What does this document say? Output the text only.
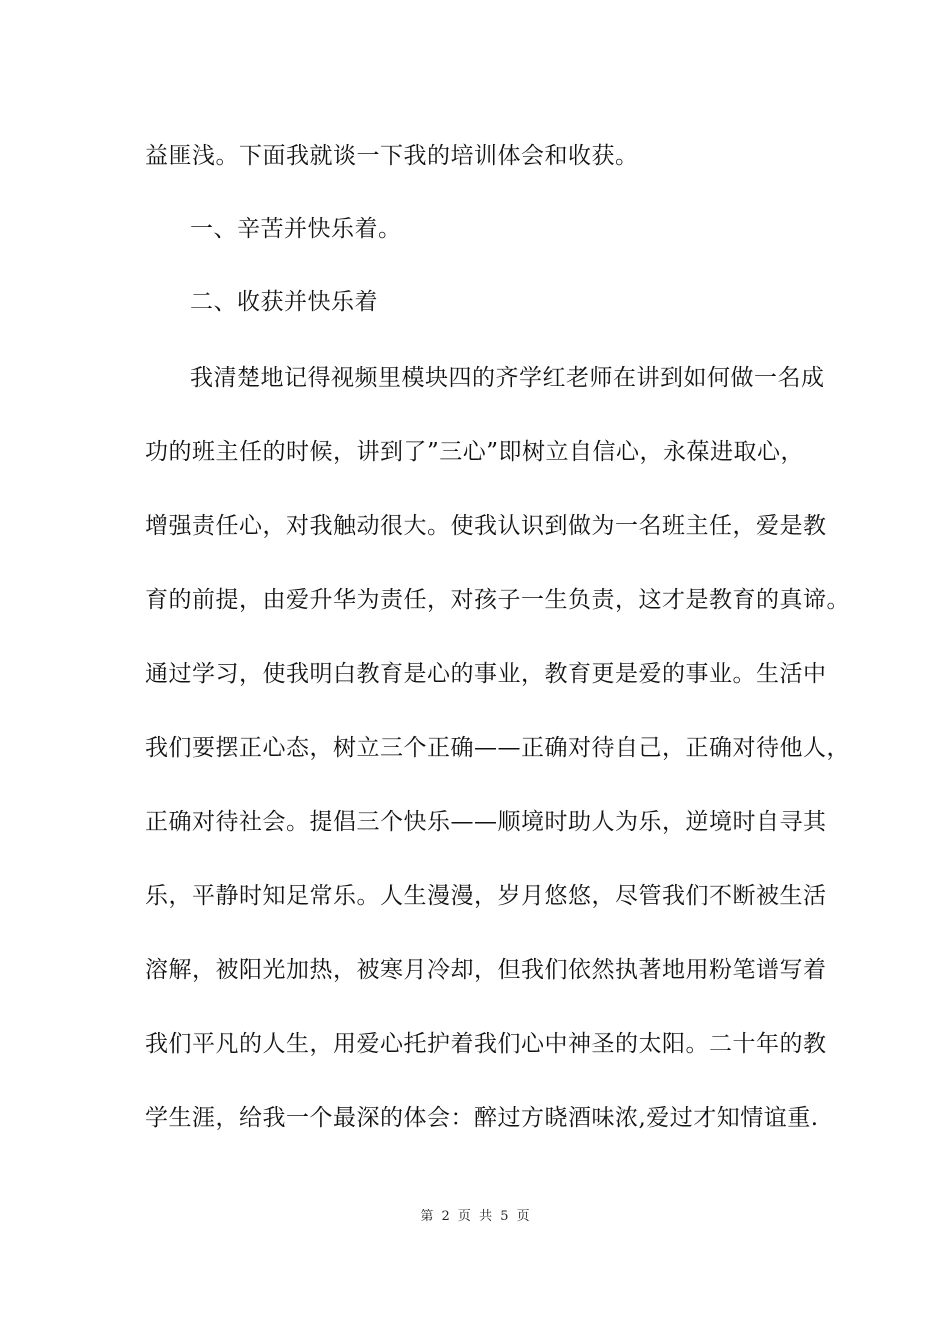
益匪浅。下面我就谈一下我的培训体会和收获。
一、辛苦并快乐着。
二、收获并快乐着
我清楚地记得视频里模块四的齐学红老师在讲到如何做一名成
功的班主任的时候，讲到了”三心”即树立自信心，永葆进取心，
增强责任心，对我触动很大。使我认识到做为一名班主任，爱是教
育的前提，由爱升华为责任，对孩子一生负责，这才是教育的真谛。
通过学习，使我明白教育是心的事业，教育更是爱的事业。生活中
我们要摆正心态，树立三个正确——正确对待自己，正确对待他人，
正确对待社会。提倡三个快乐——顺境时助人为乐，逆境时自寻其
乐，平静时知足常乐。人生漫漫，岁月悠悠，尽管我们不断被生活
溶解，被阳光加热，被寒月冷却，但我们依然执著地用粉笔谱写着
我们平凡的人生，用爱心托护着我们心中神圣的太阳。二十年的教
学生涯，给我一个最深的体会：醉过方晓酒味浓,爱过才知情谊重.
第 2 页 共 5 页
